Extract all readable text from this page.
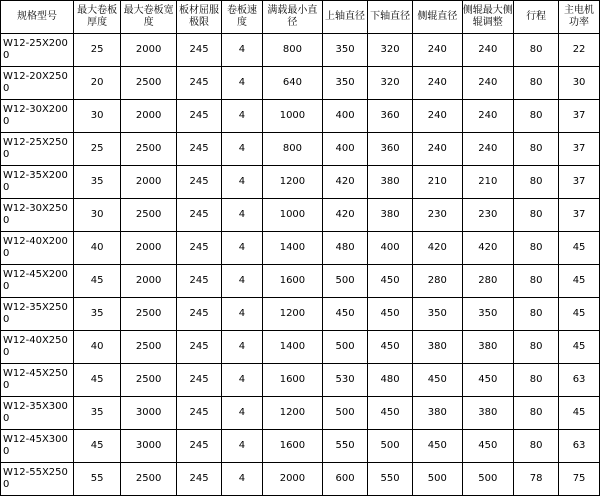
规格型号	最大卷板厚度	最大卷板宽度	板材屈服极限	卷板速度	满载最小直径	上轴直径	下轴直径	侧辊直径	侧辊最大侧辊调整	行程	主电机功率
W12-25X2000	25	2000	245	4	800	350	320	240	240	80	22
W12-20X2500	20	2500	245	4	640	350	320	240	240	80	30
W12-30X2000	30	2000	245	4	1000	400	360	240	240	80	37
W12-25X2500	25	2500	245	4	800	400	360	240	240	80	37
W12-35X2000	35	2000	245	4	1200	420	380	210	210	80	37
W12-30X2500	30	2500	245	4	1000	420	380	230	230	80	37
W12-40X2000	40	2000	245	4	1400	480	400	420	420	80	45
W12-45X2000	45	2000	245	4	1600	500	450	280	280	80	45
W12-35X2500	35	2500	245	4	1200	450	450	350	350	80	45
W12-40X2500	40	2500	245	4	1400	500	450	380	380	80	45
W12-45X2500	45	2500	245	4	1600	530	480	450	450	80	63
W12-35X3000	35	3000	245	4	1200	500	450	380	380	80	45
W12-45X3000	45	3000	245	4	1600	550	500	450	450	80	63
W12-55X2500	55	2500	245	4	2000	600	550	500	500	78	75
